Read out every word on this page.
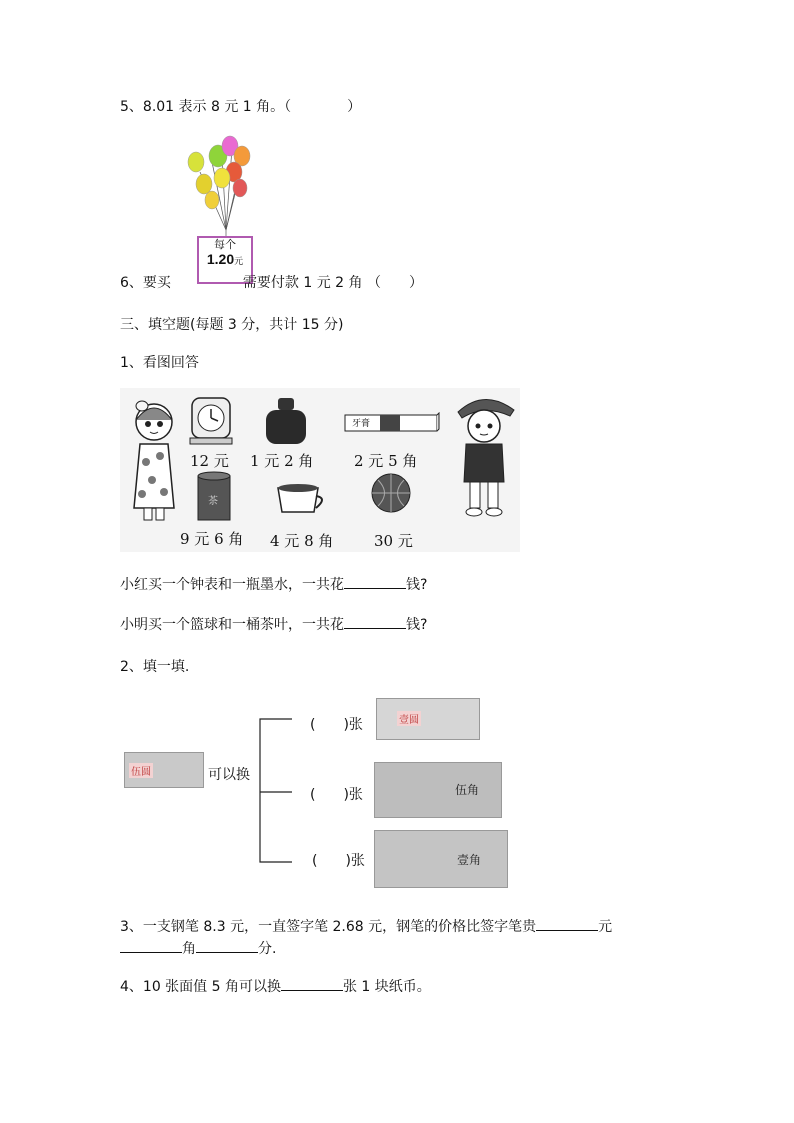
5、8.01 表示 8 元 1 角。（　　　　）
每个
1.20元
6、要买	需要付款 1 元 2 角 （　　）
三、填空题(每题 3 分，共计 15 分)
1、看图回答
牙膏
茶
12 元 1 元 2 角	2 元 5 角
9 元 6 角 4 元 8 角	30 元
小红买一个钟表和一瓶墨水，一共花	钱?
小明买一个篮球和一桶茶叶，一共花	钱?
2、填一填.
伍圆	可以换
(　　)张	壹圆
(　　)张	伍角
(　　)张	壹角
3、一支钢笔 8.3 元，一直签字笔 2.68 元，钢笔的价格比签字笔贵	元
角	分.
4、10 张面值 5 角可以换	张 1 块纸币。
